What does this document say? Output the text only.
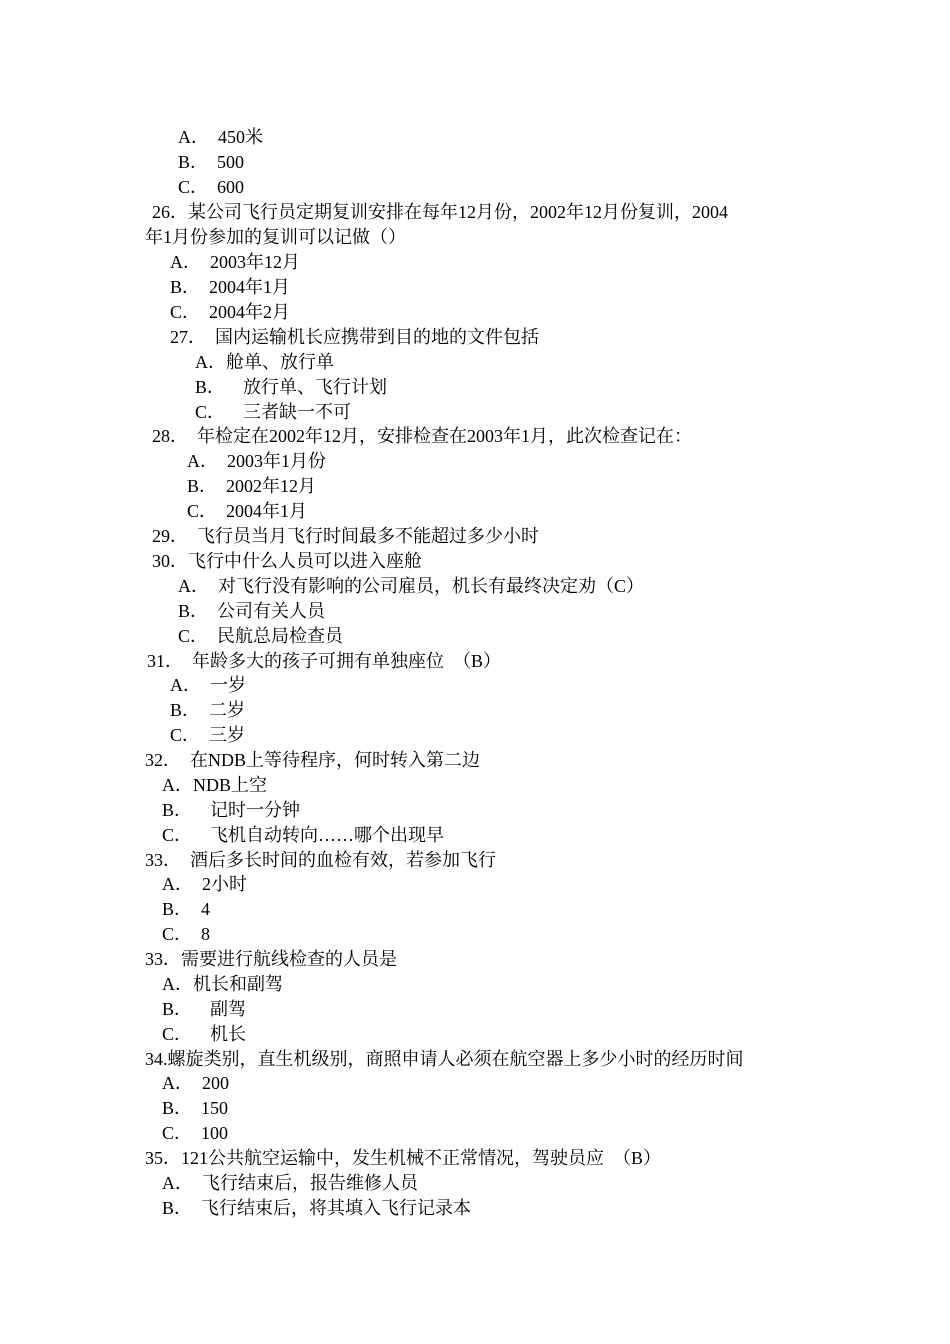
A．  450米
B．  500
C．  600
26．某公司飞行员定期复训安排在每年12月份，2002年12月份复训，2004
年1月份参加的复训可以记做（）
A．  2003年12月
B．  2004年1月
C．  2004年2月
27．  国内运输机长应携带到目的地的文件包括
A．舱单、放行单
B．    放行单、飞行计划
C．    三者缺一不可
28．  年检定在2002年12月，安排检查在2003年1月，此次检查记在：
A．  2003年1月份
B．  2002年12月
C．  2004年1月
29．  飞行员当月飞行时间最多不能超过多少小时
30．飞行中什么人员可以进入座舱
A．  对飞行没有影响的公司雇员，机长有最终决定劝（C）
B．  公司有关人员
C．  民航总局检查员
31．  年龄多大的孩子可拥有单独座位  （B）
A．  一岁
B．  二岁
C．  三岁
32．  在NDB上等待程序，何时转入第二边
A．NDB上空
B．    记时一分钟
C．    飞机自动转向……哪个出现早
33．  酒后多长时间的血检有效，若参加飞行
A．  2小时
B．  4
C．  8
33．需要进行航线检查的人员是
A．机长和副驾
B．    副驾
C．    机长
34.螺旋类别，直生机级别，商照申请人必须在航空器上多少小时的经历时间
A．  200
B．  150
C．  100
35．121公共航空运输中，发生机械不正常情况，驾驶员应  （B）
A．  飞行结束后，报告维修人员
B．  飞行结束后，将其填入飞行记录本
